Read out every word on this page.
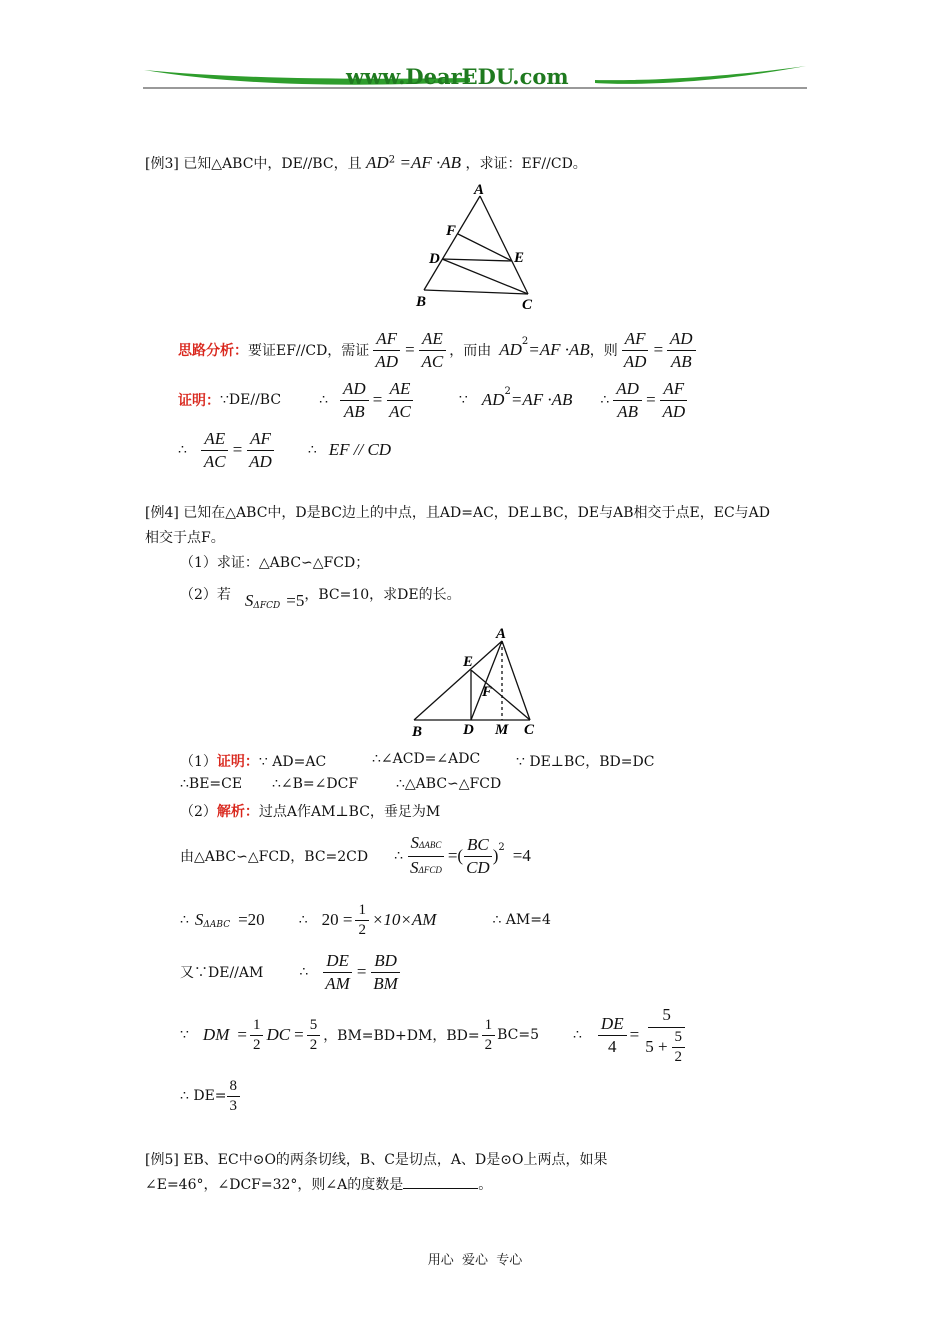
www.DearEDU.com
[例3] 已知△ABC中，DE//BC，且 $AD^2 =AF \cdot AB$ ，求证：EF//CD。
A
F
D	E
B	C
思路分析： 要证EF//CD，需证 $\frac{AF}{AD} = \frac{AE}{AC}$ ，而由 $AD^2 =AF \cdot AB$ ，则 $\frac{AF}{AD} = \frac{AD}{AB}$
证明： ∵ DE//BC	∴ $\frac{AD}{AB} = \frac{AE}{AC}$	∵ $AD^2 =AF \cdot AB$ ∴ $\frac{AD}{AB} = \frac{AF}{AD}$
∴ $\frac{AE}{AC} = \frac{AF}{AD}$ ∴ EF // CD
[例4] 已知在△ABC中，D是BC边上的中点，且AD=AC，DE⊥BC，DE与AB相交于点E，EC与AD
相交于点F。
（1）求证：△ABC∽△FCD；
（2）若 S ΔFCD =5 ，BC=10，求DE的长。
A
E
F
B	D M C
（1）证明：∵ AD=AC	∴∠ACD=∠ADC	∵ DE⊥BC，BD=DC
∴BE=CE ∴∠B=∠DCF	∴△ABC∽△FCD
（2）解析：过点A作AM⊥BC，垂足为M
由△ABC∽△FCD，BC=2CD ∴ $\frac{\text{SΔABC}}{\text{SΔFCD}}$ =( $\frac{BC}{CD} )^2 =4$
∴ S ΔABC =20 ∴ $20 = \frac{1}{2} \times 10\times AM$	∴ AM=4
又∵DE//AM	∴ $\frac{DE}{AM} = \frac{BD}{BM}$
∵ DM = $\frac{1}{2}$ DC = $\frac{5}{2}$ ，BM=BD+DM，$BD= \frac{1}{2} BC=5$ ∴ $\frac{DE}{4} = \frac{5}{5 + \frac{5}{2}}$
∴ $DE= \frac{8}{3}$
[例5] EB、EC中⊙O的两条切线，B、C是切点，A、D是⊙O上两点，如果
∠E=46°，∠DCF=32°，则∠A的度数是	。
用心  爱心  专心
